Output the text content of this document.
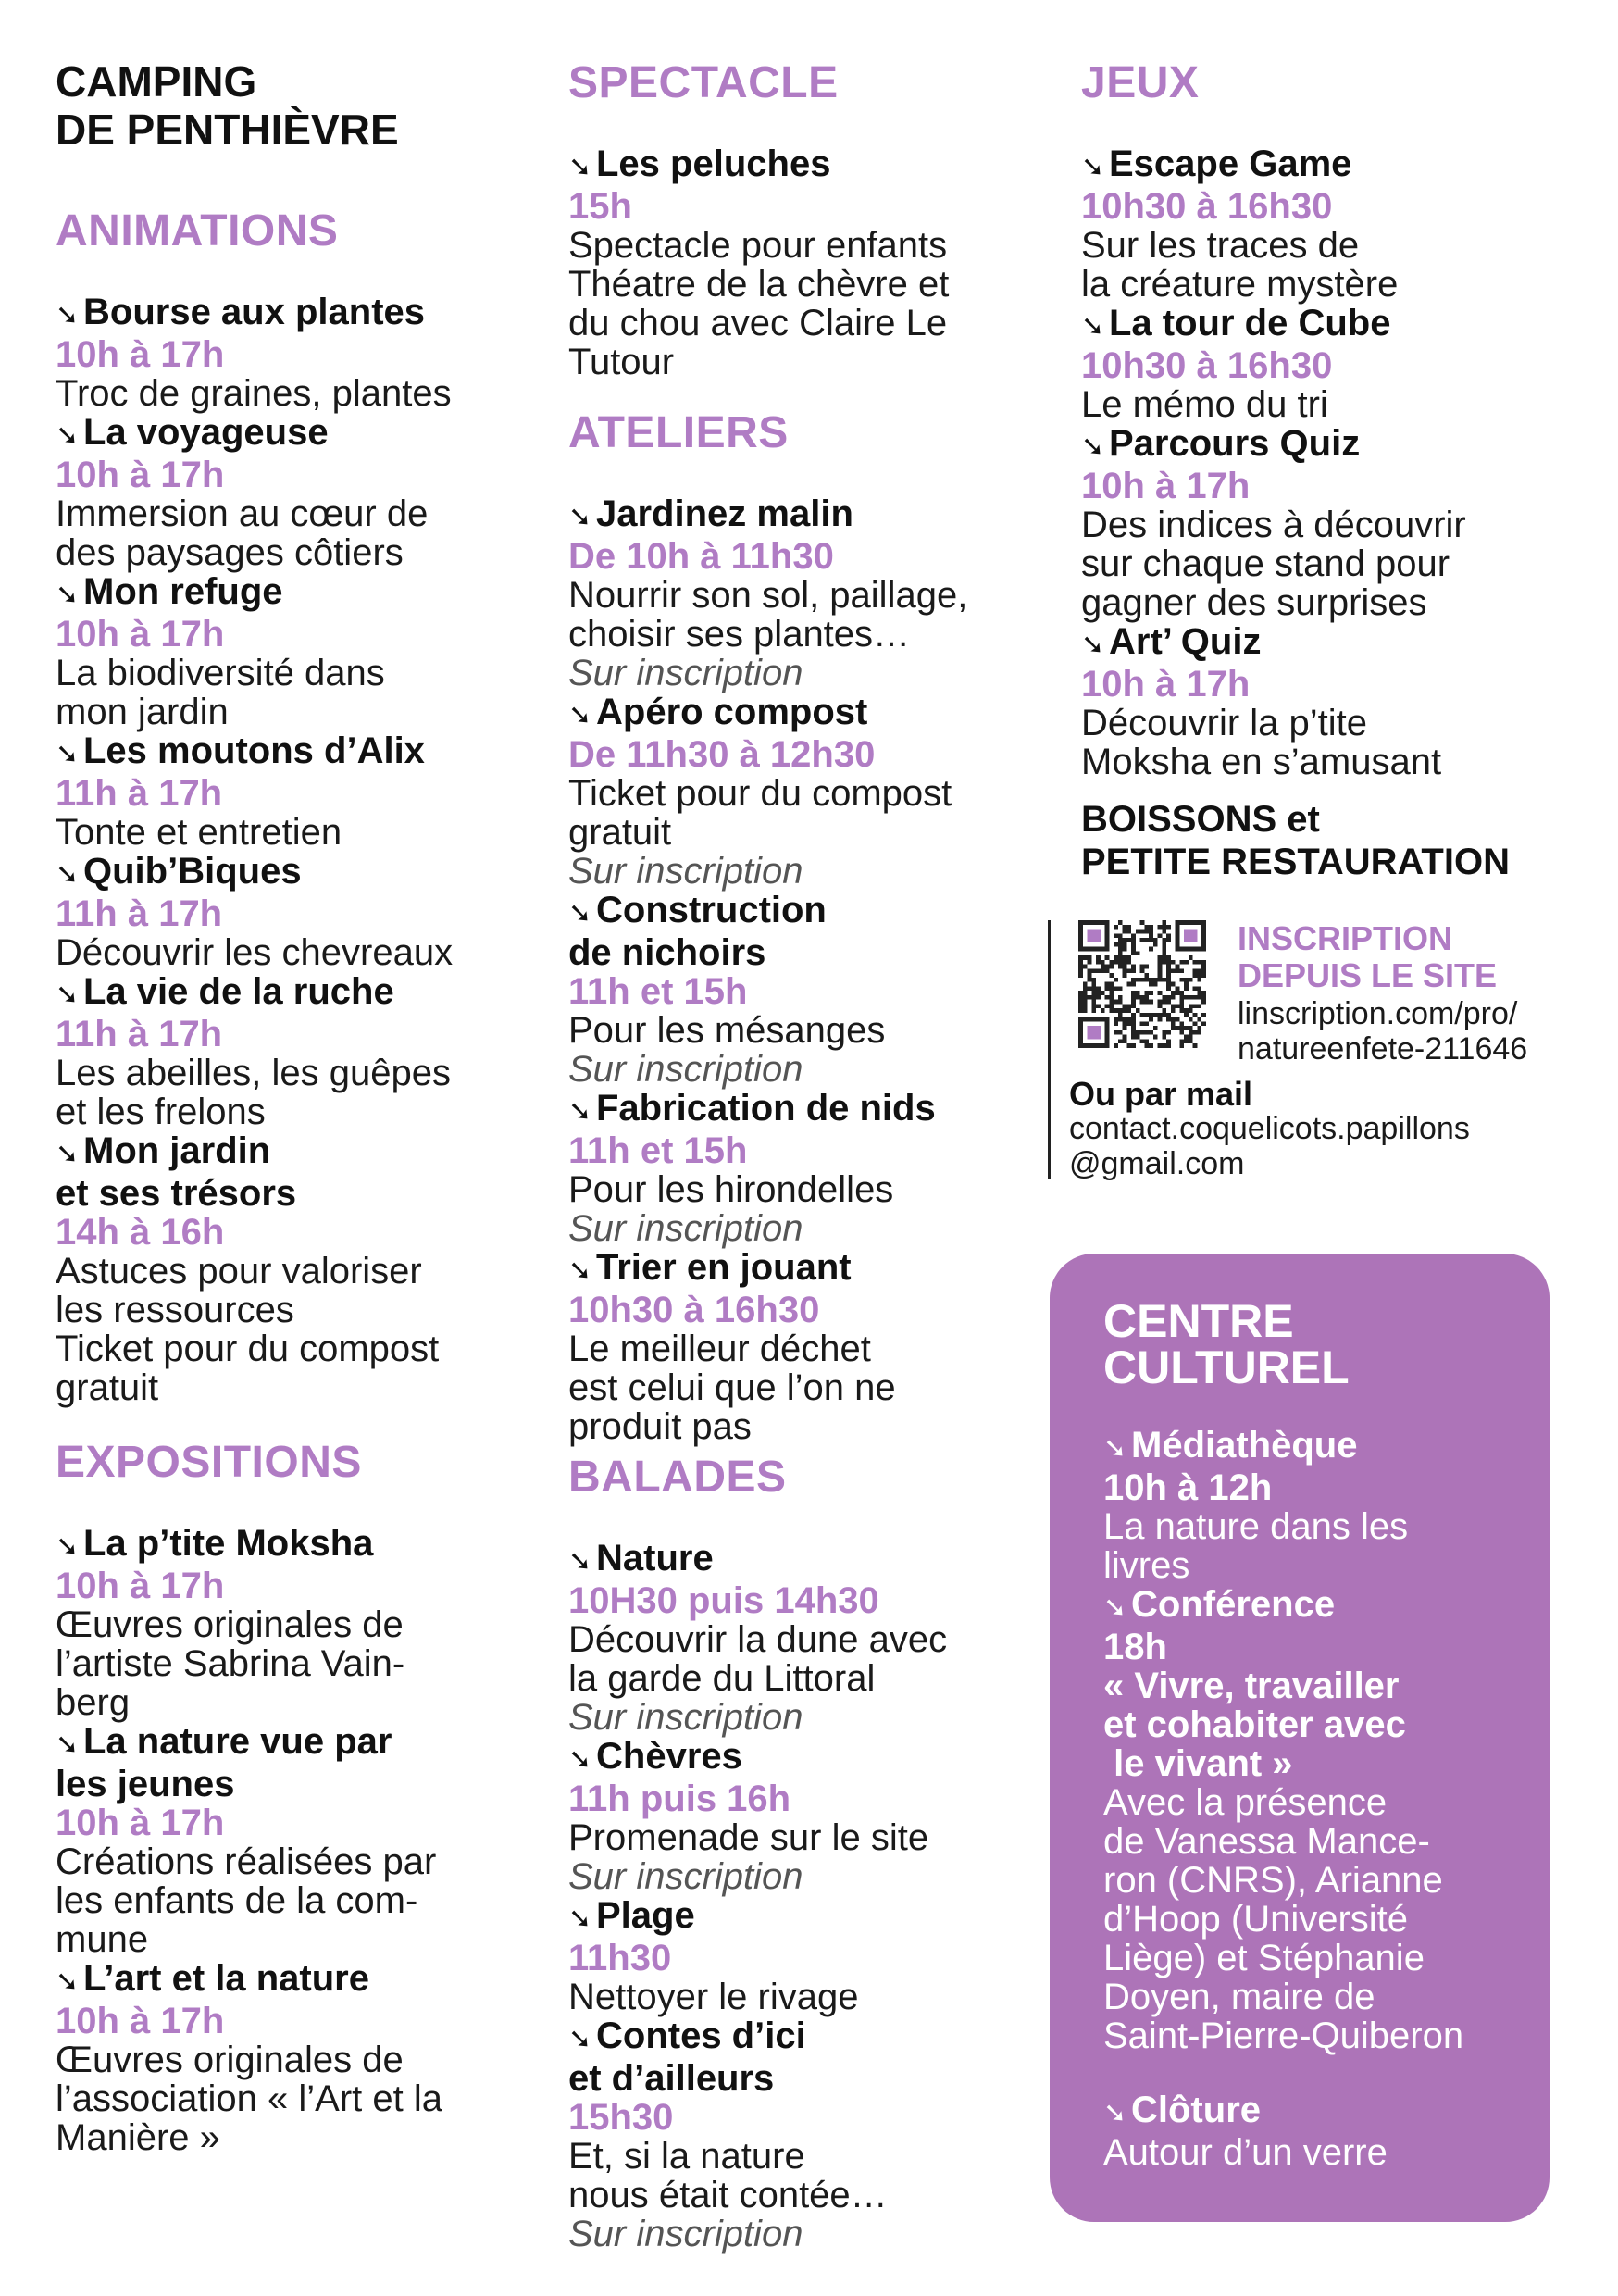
CAMPING
DE PENTHIÈVRE
ANIMATIONS
➘ Bourse aux plantes
10h à 17h
Troc de graines, plantes
➘ La voyageuse
10h à 17h
Immersion au cœur de
des paysages côtiers
➘ Mon refuge
10h à 17h
La biodiversité dans
mon jardin
➘ Les moutons d’Alix
11h à 17h
Tonte et entretien
➘ Quib’Biques
11h à 17h
Découvrir les chevreaux
➘ La vie de la ruche
11h à 17h
Les abeilles, les guêpes
et les frelons
➘ Mon jardin
et ses trésors
14h à 16h
Astuces pour valoriser
les ressources
Ticket pour du compost
gratuit
EXPOSITIONS
➘ La p’tite Moksha
10h à 17h
Œuvres originales de
l’artiste Sabrina Vain-
berg
➘ La nature vue par
les jeunes
10h à 17h
Créations réalisées par
les enfants de la com-
mune
➘ L’art et la nature
10h à 17h
Œuvres originales de
l’association « l’Art et la
Manière »
SPECTACLE
➘ Les peluches
15h
Spectacle pour enfants
Théatre de la chèvre et
du chou avec Claire Le
Tutour
ATELIERS
➘ Jardinez malin
De 10h à 11h30
Nourrir son sol, paillage,
choisir ses plantes…
Sur inscription
➘ Apéro compost
De 11h30 à 12h30
Ticket pour du compost
gratuit
Sur inscription
➘ Construction
de nichoirs
11h et 15h
Pour les mésanges
Sur inscription
➘ Fabrication de nids
11h et 15h
Pour les hirondelles
Sur inscription
➘ Trier en jouant
10h30 à 16h30
Le meilleur déchet
est celui que l’on ne
produit pas
BALADES
➘ Nature
10H30 puis 14h30
Découvrir la dune avec
la garde du Littoral
Sur inscription
➘ Chèvres
11h puis 16h
Promenade sur le site
Sur inscription
➘ Plage
11h30
Nettoyer le rivage
➘ Contes d’ici
et d’ailleurs
15h30
Et, si la nature
nous était contée…
Sur inscription
JEUX
➘ Escape Game
10h30 à 16h30
Sur les traces de
la créature mystère
➘ La tour de Cube
10h30 à 16h30
Le mémo du tri
➘ Parcours Quiz
10h à 17h
Des indices à découvrir
sur chaque stand pour
gagner des surprises
➘ Art’ Quiz
10h à 17h
Découvrir la p’tite
Moksha en s’amusant
BOISSONS et
PETITE RESTAURATION
INSCRIPTION
DEPUIS LE SITE
linscription.com/pro/
natureenfete-211646
Ou par mail
contact.coquelicots.papillons
@gmail.com
CENTRE
CULTUREL
➘ Médiathèque
10h à 12h
La nature dans les
livres
➘ Conférence
18h
« Vivre, travailler
et cohabiter avec
le vivant »
Avec la présence
de Vanessa Mance-
ron (CNRS), Arianne
d’Hoop (Université
Liège) et Stéphanie
Doyen, maire de
Saint-Pierre-Quiberon
➘ Clôture
Autour d’un verre
